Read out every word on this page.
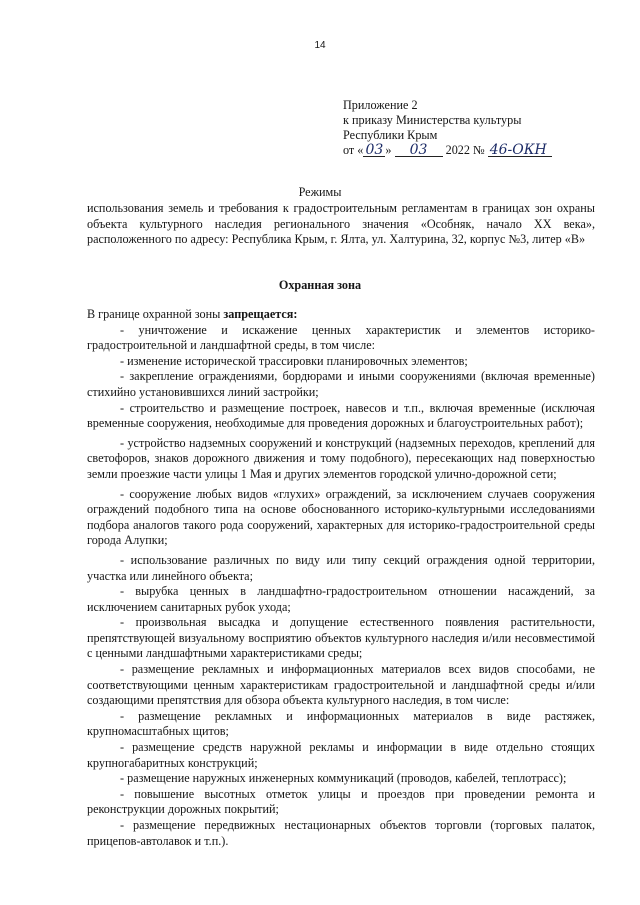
14
Приложение 2
к приказу Министерства культуры
Республики Крым
от « 03 » 03 2022 № 46-ОКН
Режимы
использования земель и требования к градостроительным регламентам в границах зон охраны объекта культурного наследия регионального значения «Особняк, начало XX века», расположенного по адресу: Республика Крым, г. Ялта, ул. Халтурина, 32, корпус №3, литер «В»
Охранная зона

В границе охранной зоны запрещается:

- уничтожение и искажение ценных характеристик и элементов историко-градостроительной и ландшафтной среды, в том числе:

- изменение исторической трассировки планировочных элементов;

- закрепление ограждениями, бордюрами и иными сооружениями (включая временные) стихийно установившихся линий застройки;

- строительство и размещение построек, навесов и т.п., включая временные (исключая временные сооружения, необходимые для проведения дорожных и благоустроительных работ);

- устройство надземных сооружений и конструкций (надземных переходов, креплений для светофоров, знаков дорожного движения и тому подобного), пересекающих над поверхностью земли проезжие части улицы 1 Мая и других элементов городской улично-дорожной сети;

- сооружение любых видов «глухих» ограждений, за исключением случаев сооружения ограждений подобного типа на основе обоснованного историко-культурными исследованиями подбора аналогов такого рода сооружений, характерных для историко-градостроительной среды города Алупки;

- использование различных по виду или типу секций ограждения одной территории, участка или линейного объекта;

- вырубка ценных в ландшафтно-градостроительном отношении насаждений, за исключением санитарных рубок ухода;

- произвольная высадка и допущение естественного появления растительности, препятствующей визуальному восприятию объектов культурного наследия и/или несовместимой с ценными ландшафтными характеристиками среды;

- размещение рекламных и информационных материалов всех видов способами, не соответствующими ценным характеристикам градостроительной и ландшафтной среды и/или создающими препятствия для обзора объекта культурного наследия, в том числе:

- размещение рекламных и информационных материалов в виде растяжек, крупномасштабных щитов;

- размещение средств наружной рекламы и информации в виде отдельно стоящих крупногабаритных конструкций;

- размещение наружных инженерных коммуникаций (проводов, кабелей, теплотрасс);

- повышение высотных отметок улицы и проездов при проведении ремонта и реконструкции дорожных покрытий;

- размещение передвижных нестационарных объектов торговли (торговых палаток, прицепов-автолавок и т.п.).
